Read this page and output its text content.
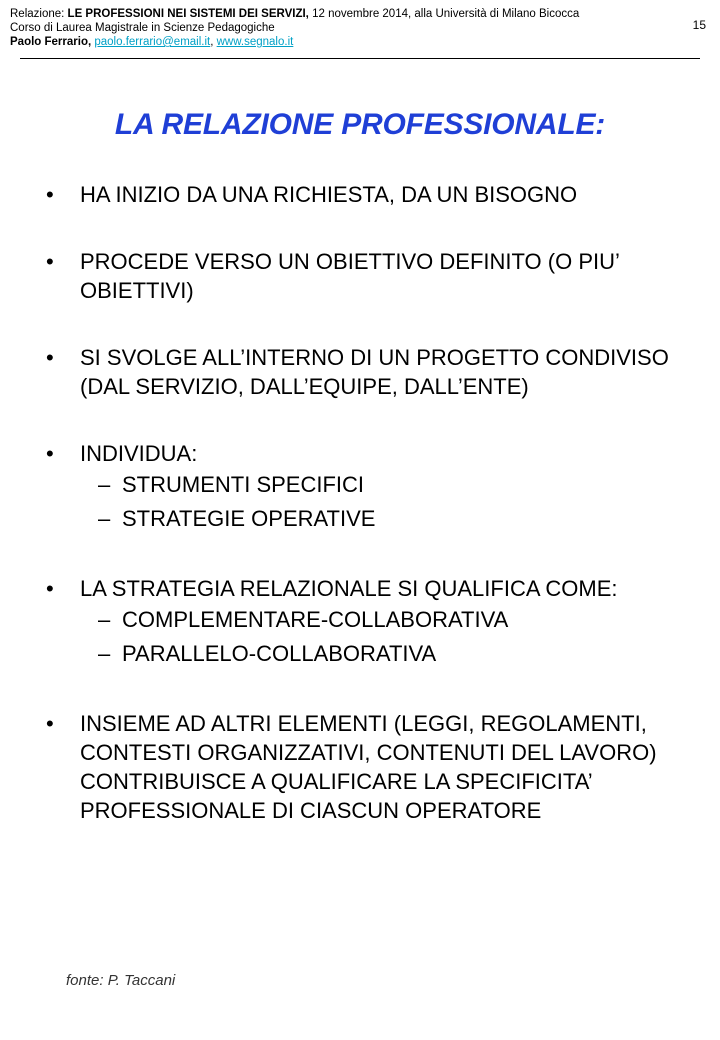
Relazione: LE PROFESSIONI NEI SISTEMI DEI SERVIZI, 12 novembre 2014, alla Università di Milano Bicocca
Corso di Laurea Magistrale in Scienze Pedagogiche
Paolo Ferrario, paolo.ferrario@email.it, www.segnalo.it
15
LA RELAZIONE PROFESSIONALE:
• HA INIZIO DA UNA RICHIESTA, DA UN BISOGNO
• PROCEDE VERSO UN OBIETTIVO DEFINITO (O PIU’ OBIETTIVI)
• SI SVOLGE ALL’INTERNO DI UN PROGETTO CONDIVISO (DAL SERVIZIO, DALL’EQUIPE, DALL’ENTE)
• INDIVIDUA:
– STRUMENTI SPECIFICI
– STRATEGIE OPERATIVE
• LA STRATEGIA RELAZIONALE SI QUALIFICA COME:
– COMPLEMENTARE-COLLABORATIVA
– PARALLELO-COLLABORATIVA
• INSIEME AD ALTRI ELEMENTI (LEGGI, REGOLAMENTI, CONTESTI ORGANIZZATIVI, CONTENUTI DEL LAVORO) CONTRIBUISCE A QUALIFICARE LA SPECIFICITA’ PROFESSIONALE DI CIASCUN OPERATORE
fonte: P. Taccani
